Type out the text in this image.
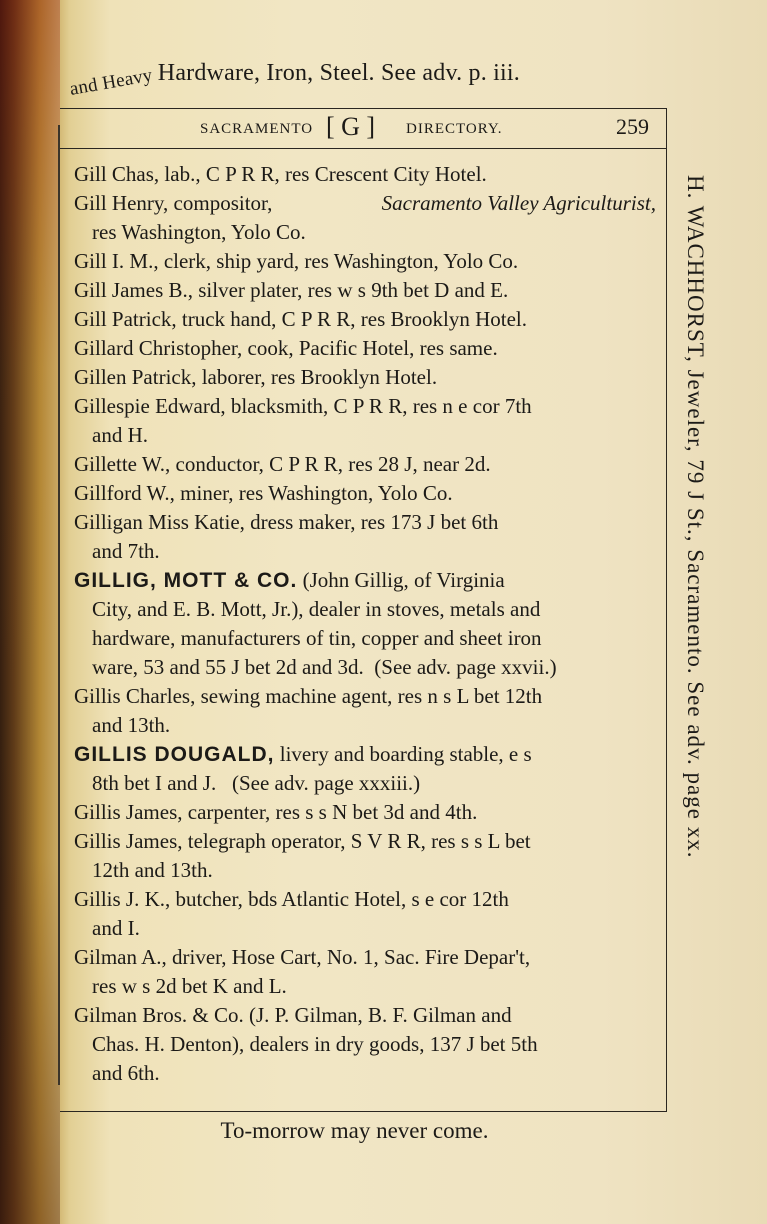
and Heavy Hardware, Iron, Steel. See adv. p. iii.
SACRAMENTO [ G ] DIRECTORY.	259
Gill Chas, lab., C P R R, res Crescent City Hotel.
Gill Henry, compositor,	Sacramento Valley Agriculturist,
res Washington, Yolo Co.
Gill I. M., clerk, ship yard, res Washington, Yolo Co.
Gill James B., silver plater, res w s 9th bet D and E.
Gill Patrick, truck hand, C P R R, res Brooklyn Hotel.
Gillard Christopher, cook, Pacific Hotel, res same.
Gillen Patrick, laborer, res Brooklyn Hotel.
Gillespie Edward, blacksmith, C P R R, res n e cor 7th
and H.
Gillette W., conductor, C P R R, res 28 J, near 2d.
Gillford W., miner, res Washington, Yolo Co.
Gilligan Miss Katie, dress maker, res 173 J bet 6th
and 7th.
GILLIG, MOTT & CO. (John Gillig, of Virginia
City, and E. B. Mott, Jr.), dealer in stoves, metals and
hardware, manufacturers of tin, copper and sheet iron
ware, 53 and 55 J bet 2d and 3d.  (See adv. page xxvii.)
Gillis Charles, sewing machine agent, res n s L bet 12th
and 13th.
GILLIS DOUGALD, livery and boarding stable, e s
8th bet I and J.   (See adv. page xxxiii.)
Gillis James, carpenter, res s s N bet 3d and 4th.
Gillis James, telegraph operator, S V R R, res s s L bet
12th and 13th.
Gillis J. K., butcher, bds Atlantic Hotel, s e cor 12th
and I.
Gilman A., driver, Hose Cart, No. 1, Sac. Fire Depar't,
res w s 2d bet K and L.
Gilman Bros. & Co. (J. P. Gilman, B. F. Gilman and
Chas. H. Denton), dealers in dry goods, 137 J bet 5th
and 6th.
H. WACHHORST, Jeweler, 79 J St., Sacramento. See adv. page xx.
To-morrow may never come.
